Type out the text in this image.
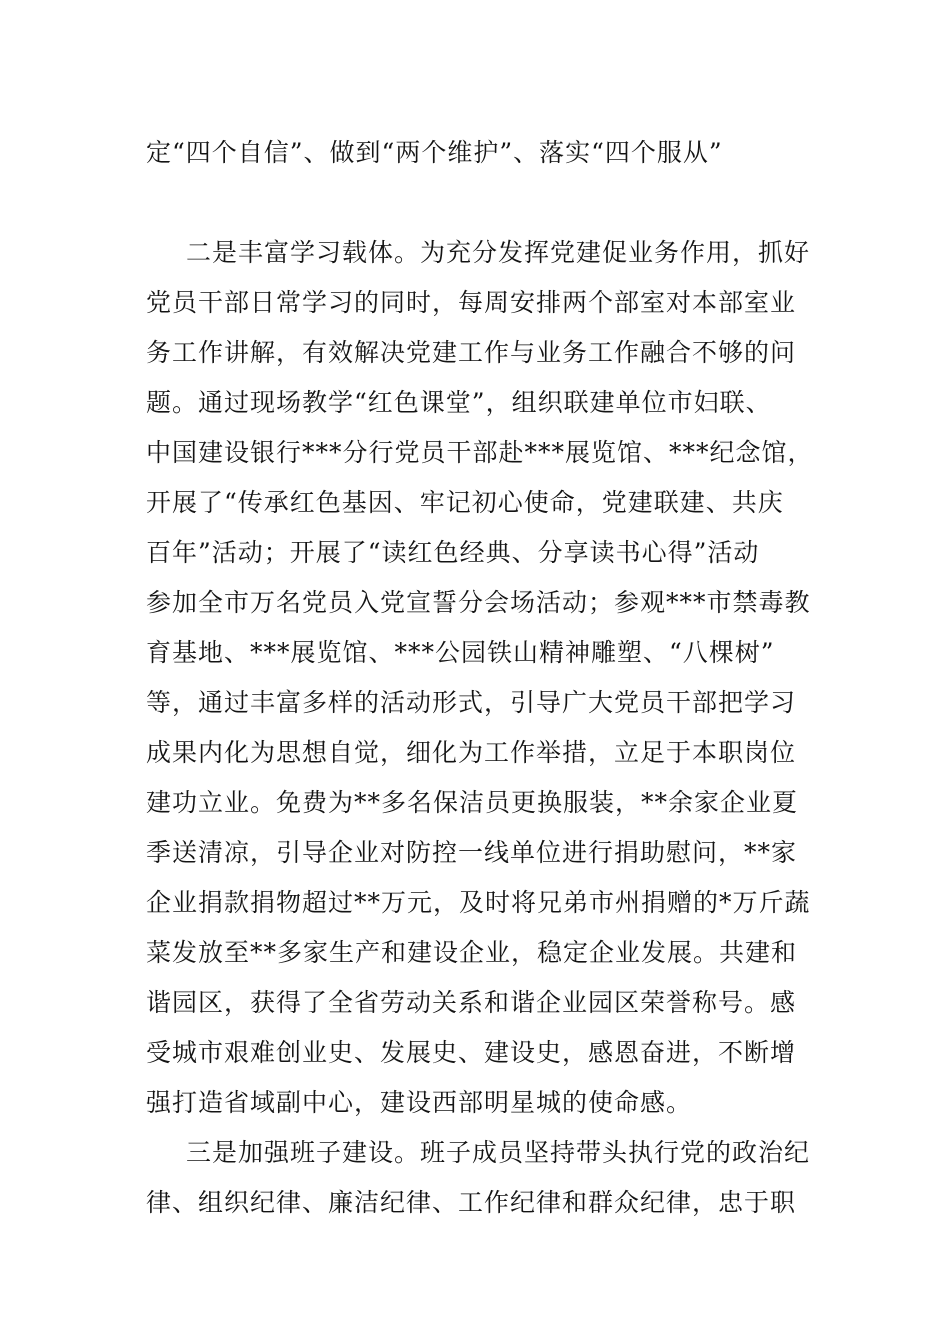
定“四个自信”、做到“两个维护”、落实“四个服从”
二是丰富学习载体。为充分发挥党建促业务作用，抓好
党员干部日常学习的同时，每周安排两个部室对本部室业
务工作讲解，有效解决党建工作与业务工作融合不够的问
题。通过现场教学“红色课堂”，组织联建单位市妇联、
中国建设银行***分行党员干部赴***展览馆、***纪念馆，
开展了“传承红色基因、牢记初心使命，党建联建、共庆
百年”活动；开展了“读红色经典、分享读书心得”活动
参加全市万名党员入党宣誓分会场活动；参观***市禁毒教
育基地、***展览馆、***公园铁山精神雕塑、“八棵树”
等，通过丰富多样的活动形式，引导广大党员干部把学习
成果内化为思想自觉，细化为工作举措，立足于本职岗位
建功立业。免费为**多名保洁员更换服装，**余家企业夏
季送清凉，引导企业对防控一线单位进行捐助慰问，**家
企业捐款捐物超过**万元，及时将兄弟市州捐赠的*万斤蔬
菜发放至**多家生产和建设企业，稳定企业发展。共建和
谐园区，获得了全省劳动关系和谐企业园区荣誉称号。感
受城市艰难创业史、发展史、建设史，感恩奋进，不断增
强打造省域副中心，建设西部明星城的使命感。
三是加强班子建设。班子成员坚持带头执行党的政治纪
律、组织纪律、廉洁纪律、工作纪律和群众纪律，忠于职
